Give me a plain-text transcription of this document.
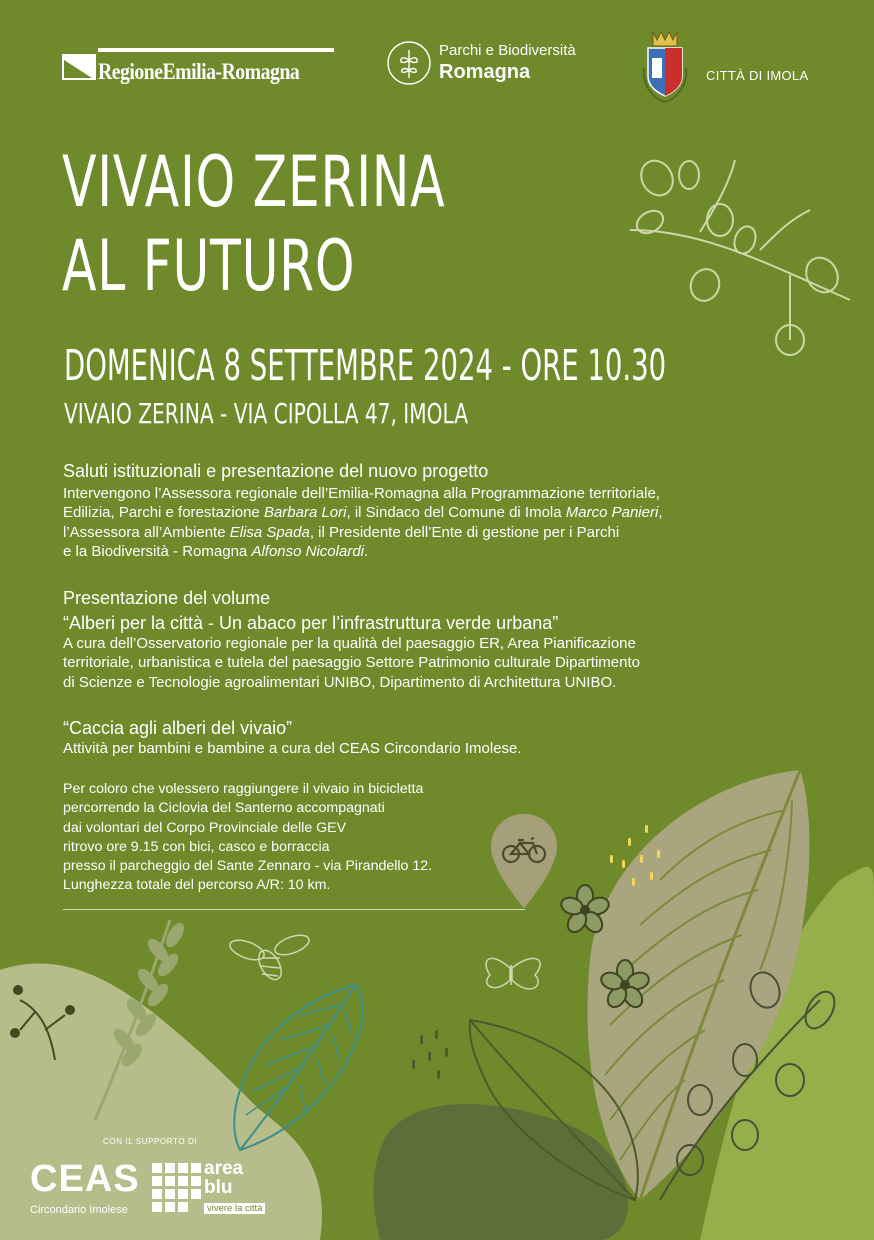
RegioneEmilia-Romagna
Parchi e Biodiversità
Romagna	CITTÀ DI IMOLA
VIVAIO ZERINA
AL FUTURO
DOMENICA 8 SETTEMBRE 2024 - ORE 10.30
VIVAIO ZERINA - VIA CIPOLLA 47, IMOLA
Saluti istituzionali e presentazione del nuovo progetto
Intervengono l’Assessora regionale dell’Emilia-Romagna alla Programmazione territoriale,
Edilizia, Parchi e forestazione Barbara Lori, il Sindaco del Comune di Imola Marco Panieri,
l’Assessora all’Ambiente Elisa Spada, il Presidente dell’Ente di gestione per i Parchi
e la Biodiversità - Romagna Alfonso Nicolardi.
Presentazione del volume
“Alberi per la città - Un abaco per l’infrastruttura verde urbana”
A cura dell’Osservatorio regionale per la qualità del paesaggio ER, Area Pianificazione
territoriale, urbanistica e tutela del paesaggio Settore Patrimonio culturale Dipartimento
di Scienze e Tecnologie agroalimentari UNIBO, Dipartimento di Architettura UNIBO.
“Caccia agli alberi del vivaio”
Attività per bambini e bambine a cura del CEAS Circondario Imolese.
Per coloro che volessero raggiungere il vivaio in bicicletta
percorrendo la Ciclovia del Santerno accompagnati
dai volontari del Corpo Provinciale delle GEV
ritrovo ore 9.15 con bici, casco e borraccia
presso il parcheggio del Sante Zennaro - via Pirandello 12.
Lunghezza totale del percorso A/R: 10 km.
CON IL SUPPORTO DI
CEAS
Circondario Imolese
area
blu
vivere la città
